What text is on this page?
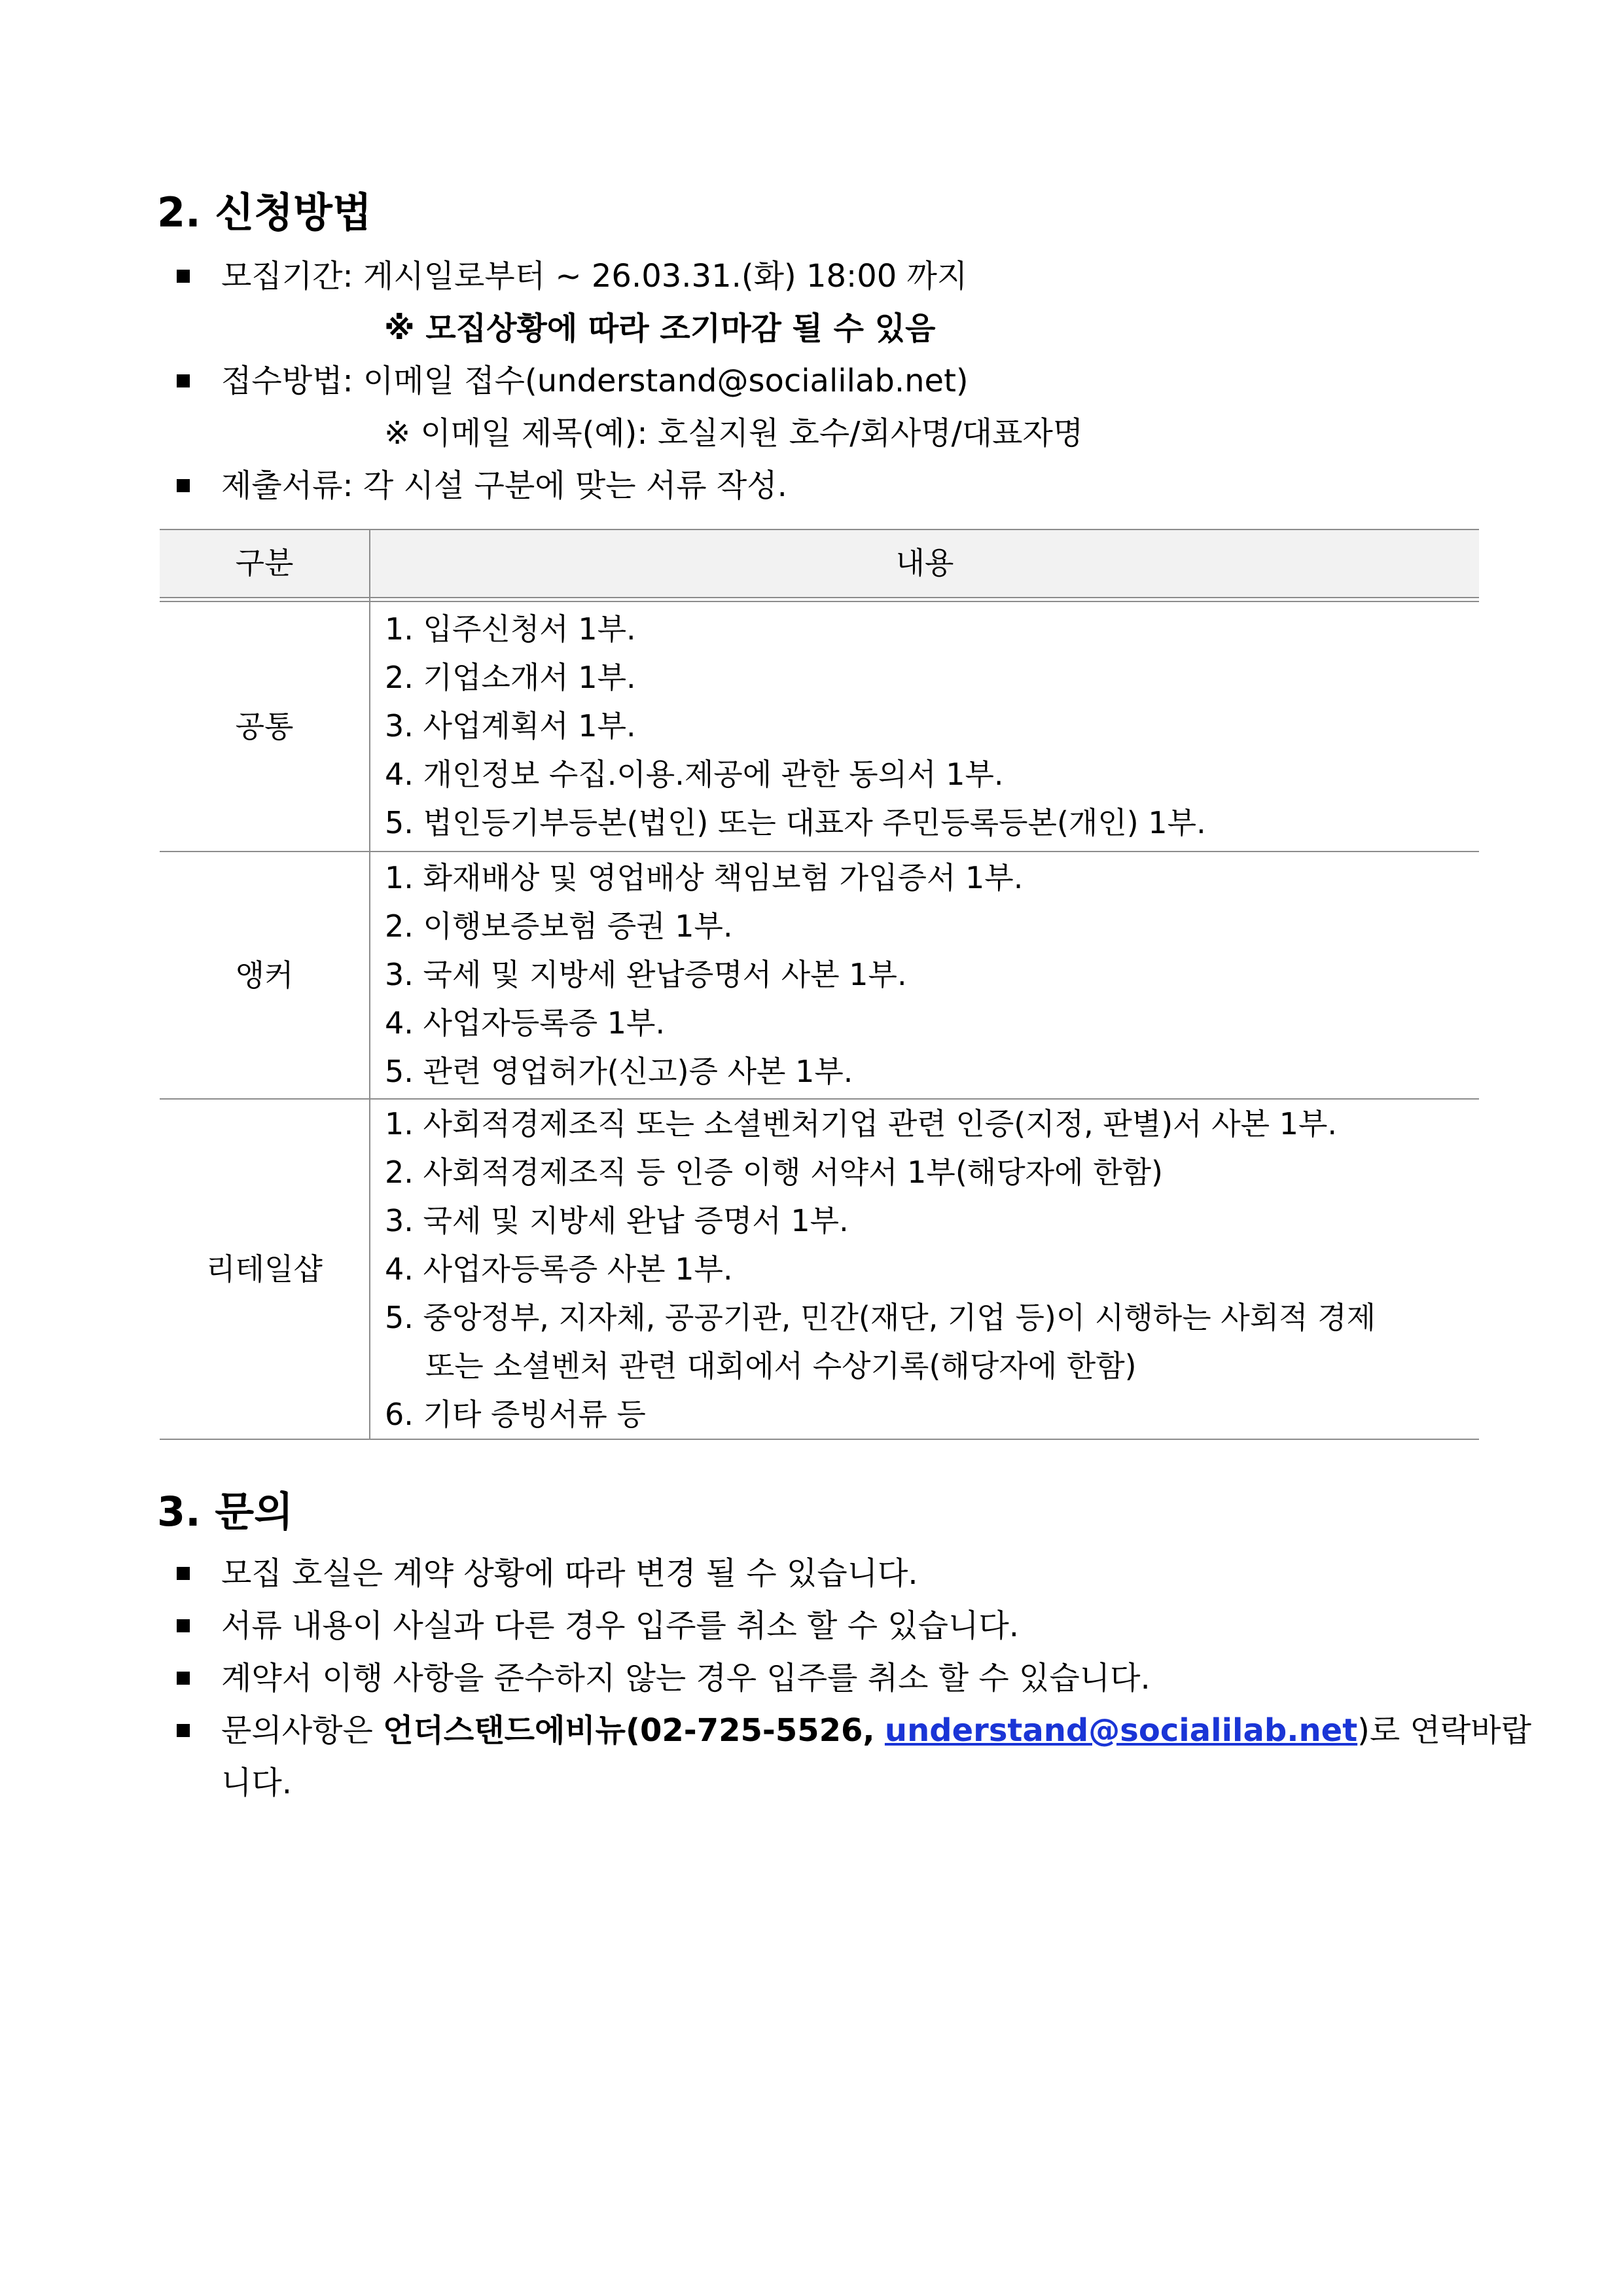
2. 신청방법
모집기간: 게시일로부터 ~ 26.03.31.(화) 18:00 까지
※ 모집상황에 따라 조기마감 될 수 있음
접수방법: 이메일 접수(understand@socialilab.net)
※ 이메일 제목(예): 호실지원 호수/회사명/대표자명
제출서류: 각 시설 구분에 맞는 서류 작성.
구분	내용
공통
1. 입주신청서 1부.
2. 기업소개서 1부.
3. 사업계획서 1부.
4. 개인정보 수집.이용.제공에 관한 동의서 1부.
5. 법인등기부등본(법인) 또는 대표자 주민등록등본(개인) 1부.
앵커
1. 화재배상 및 영업배상 책임보험 가입증서 1부.
2. 이행보증보험 증권 1부.
3. 국세 및 지방세 완납증명서 사본 1부.
4. 사업자등록증 1부.
5. 관련 영업허가(신고)증 사본 1부.
리테일샵
1. 사회적경제조직 또는 소셜벤처기업 관련 인증(지정, 판별)서 사본 1부.
2. 사회적경제조직 등 인증 이행 서약서 1부(해당자에 한함)
3. 국세 및 지방세 완납 증명서 1부.
4. 사업자등록증 사본 1부.
5. 중앙정부, 지자체, 공공기관, 민간(재단, 기업 등)이 시행하는 사회적 경제
또는 소셜벤처 관련 대회에서 수상기록(해당자에 한함)
6. 기타 증빙서류 등
3. 문의
모집 호실은 계약 상황에 따라 변경 될 수 있습니다.
서류 내용이 사실과 다른 경우 입주를 취소 할 수 있습니다.
계약서 이행 사항을 준수하지 않는 경우 입주를 취소 할 수 있습니다.
문의사항은 언더스탠드에비뉴(02-725-5526, understand@socialilab.net)로 연락바랍
니다.
